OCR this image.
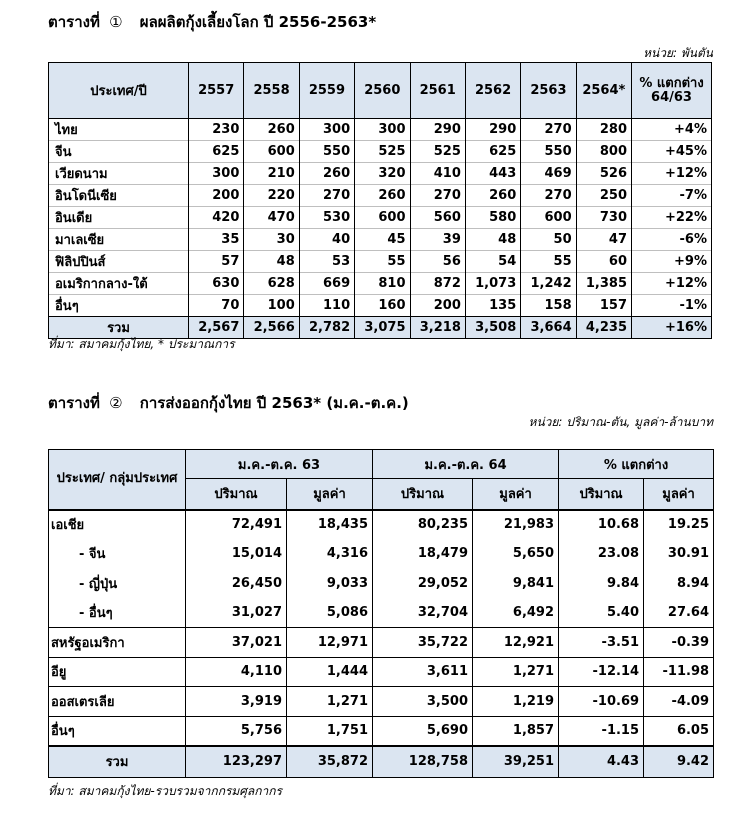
ตารางที่ ① ผลผลิตกุ้งเลี้ยงโลก ปี 2556-2563*
หน่วย: พันตัน
ประเทศ/ปี	2557	2558	2559	2560	2561	2562	2563	2564*	% แตกต่าง 64/63
ไทย	230	260	300	300	290	290	270	280	+4%
จีน	625	600	550	525	525	625	550	800	+45%
เวียดนาม	300	210	260	320	410	443	469	526	+12%
อินโดนีเซีย	200	220	270	260	270	260	270	250	-7%
อินเดีย	420	470	530	600	560	580	600	730	+22%
มาเลเซีย	35	30	40	45	39	48	50	47	-6%
ฟิลิปปินส์	57	48	53	55	56	54	55	60	+9%
อเมริกากลาง-ใต้	630	628	669	810	872	1,073	1,242	1,385	+12%
อื่นๆ	70	100	110	160	200	135	158	157	-1%
รวม	2,567	2,566	2,782	3,075	3,218	3,508	3,664	4,235	+16%
ที่มา: สมาคมกุ้งไทย, * ประมาณการ
ตารางที่ ② การส่งออกกุ้งไทย ปี 2563* (ม.ค.-ต.ค.)
หน่วย: ปริมาณ-ตัน, มูลค่า-ล้านบาท
ประเทศ/ กลุ่มประเทศ	ม.ค.-ต.ค. 63		ม.ค.-ต.ค. 64		% แตกต่าง	
	ปริมาณ	มูลค่า	ปริมาณ	มูลค่า	ปริมาณ	มูลค่า
เอเชีย	72,491	18,435	80,235	21,983	10.68	19.25
- จีน	15,014	4,316	18,479	5,650	23.08	30.91
- ญี่ปุ่น	26,450	9,033	29,052	9,841	9.84	8.94
- อื่นๆ	31,027	5,086	32,704	6,492	5.40	27.64
สหรัฐอเมริกา	37,021	12,971	35,722	12,921	-3.51	-0.39
อียู	4,110	1,444	3,611	1,271	-12.14	-11.98
ออสเตรเลีย	3,919	1,271	3,500	1,219	-10.69	-4.09
อื่นๆ	5,756	1,751	5,690	1,857	-1.15	6.05
รวม	123,297	35,872	128,758	39,251	4.43	9.42
ที่มา: สมาคมกุ้งไทย-รวบรวมจากกรมศุลกากร
